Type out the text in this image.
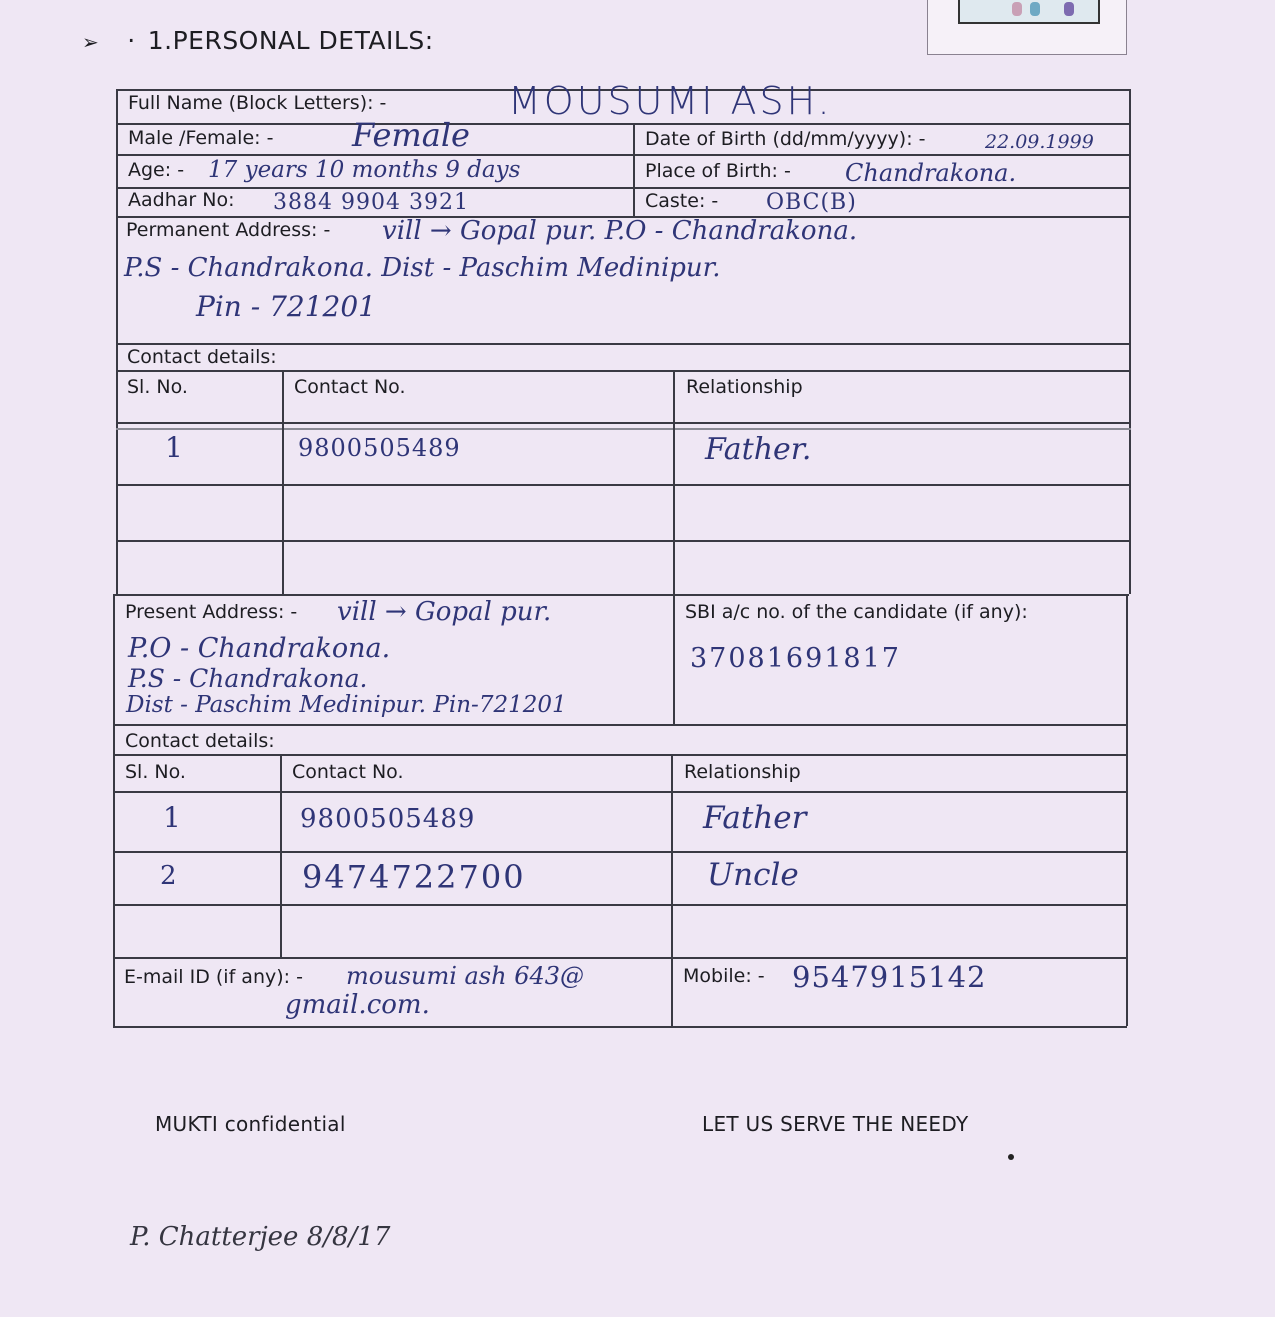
➢ · 1.PERSONAL DETAILS:
Full Name (Block Letters): -	MOUSUMI ASH.
Male /Female: - Female	Date of Birth (dd/mm/yyyy): -	22.09.1999
Age: - 17 years 10 months 9 days	Place of Birth: - Chandrakona.
Aadhar No: 3884 9904 3921	Caste: - OBC(B)
Permanent Address: - vill → Gopal pur. P.O - Chandrakona.
P.S - Chandrakona. Dist - Paschim Medinipur.
Pin - 721201
Contact details:
Sl. No.	Contact No.	Relationship
1	9800505489	Father.
Present Address: - vill → Gopal pur.
P.O - Chandrakona.
P.S - Chandrakona.
Dist - Paschim Medinipur. Pin-721201
SBI a/c no. of the candidate (if any):
37081691817
Contact details:
Sl. No.	Contact No.	Relationship
1	9800505489	Father
2	9474722700	Uncle
E-mail ID (if any): - mousumi ash 643@
gmail.com.
Mobile: - 9547915142
MUKTI confidential	LET US SERVE THE NEEDY
P. Chatterjee 8/8/17
